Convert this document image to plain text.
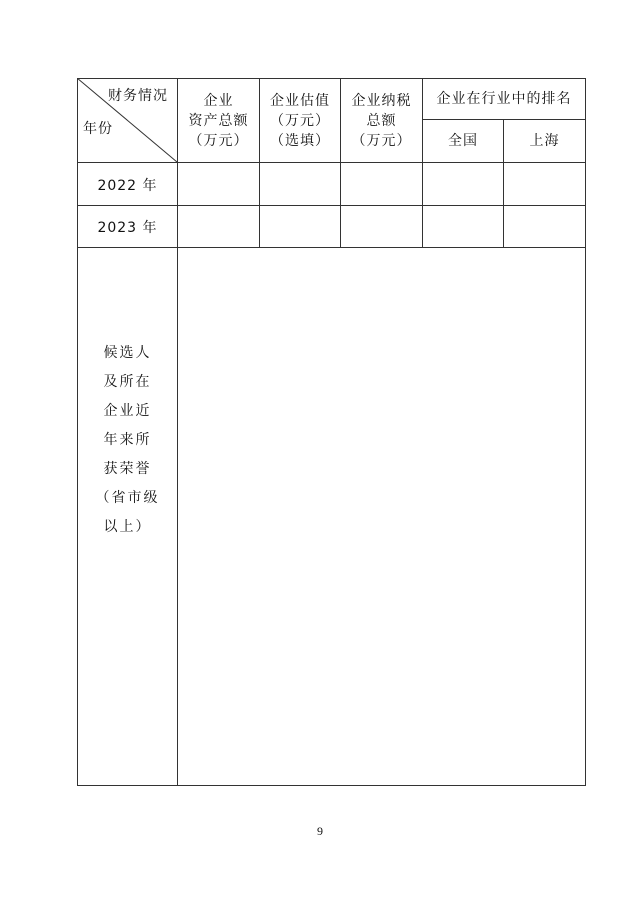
财务情况
年份
企业
资产总额
（万元）
企业估值
（万元）
（选填）
企业纳税
总额
（万元）
企业在行业中的排名
全国	上海
2022 年
2023 年
候选人
及所在
企业近
年来所
获荣誉
（省市级
以上）
9
